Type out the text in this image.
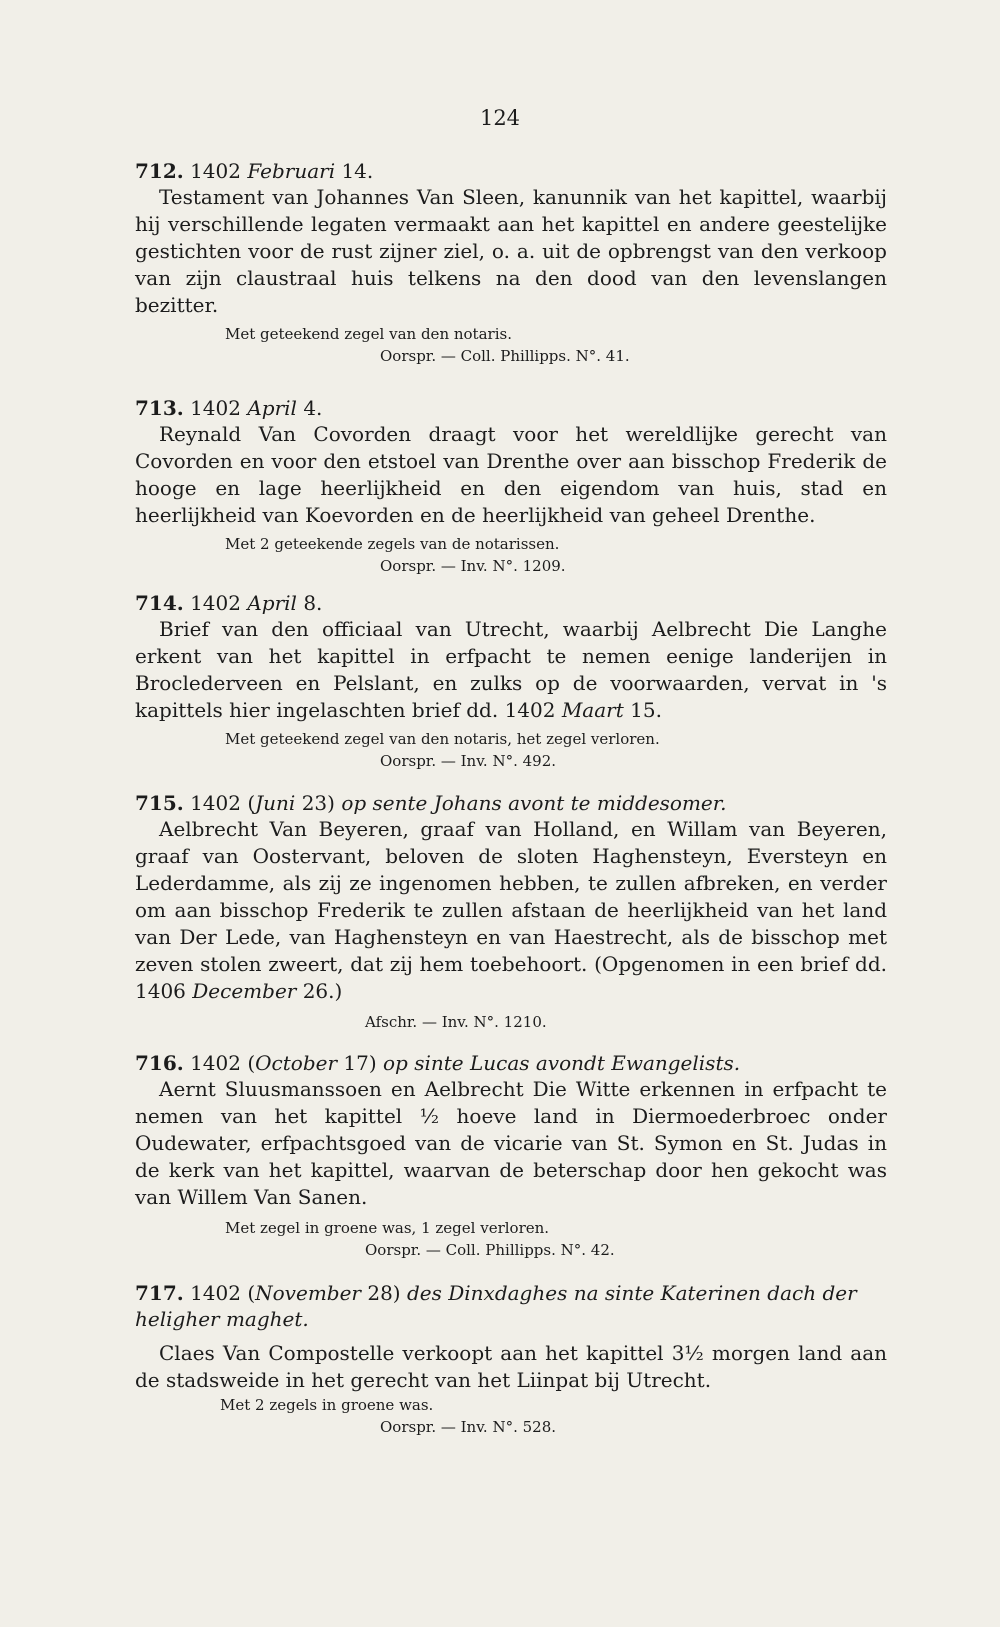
124
712. 1402 Februari 14.
Testament van Johannes Van Sleen, kanunnik van het kapittel, waarbij hij verschillende legaten vermaakt aan het kapittel en andere geestelijke gestichten voor de rust zijner ziel, o. a. uit de opbrengst van den verkoop van zijn claustraal huis telkens na den dood van den levenslangen bezitter.
Met geteekend zegel van den notaris.
Oorspr. — Coll. Phillipps. N°. 41.
713. 1402 April 4.
Reynald Van Covorden draagt voor het wereldlijke gerecht van Covorden en voor den etstoel van Drenthe over aan bisschop Frederik de hooge en lage heerlijkheid en den eigendom van huis, stad en heerlijkheid van Koevorden en de heerlijkheid van geheel Drenthe.
Met 2 geteekende zegels van de notarissen.
Oorspr. — Inv. N°. 1209.
714. 1402 April 8.
Brief van den officiaal van Utrecht, waarbij Aelbrecht Die Langhe erkent van het kapittel in erfpacht te nemen eenige landerijen in Broclederveen en Pelslant, en zulks op de voorwaarden, vervat in 's kapittels hier ingelaschten brief dd. 1402 Maart 15.
Met geteekend zegel van den notaris, het zegel verloren.
Oorspr. — Inv. N°. 492.
715. 1402 (Juni 23) op sente Johans avont te middesomer.
Aelbrecht Van Beyeren, graaf van Holland, en Willam van Beyeren, graaf van Oostervant, beloven de sloten Haghensteyn, Eversteyn en Lederdamme, als zij ze ingenomen hebben, te zullen afbreken, en verder om aan bisschop Frederik te zullen afstaan de heerlijkheid van het land van Der Lede, van Haghensteyn en van Haestrecht, als de bisschop met zeven stolen zweert, dat zij hem toebehoort. (Opgenomen in een brief dd. 1406 December 26.)
Afschr. — Inv. N°. 1210.
716. 1402 (October 17) op sinte Lucas avondt Ewangelists.
Aernt Sluusmanssoen en Aelbrecht Die Witte erkennen in erfpacht te nemen van het kapittel ½ hoeve land in Diermoederbroec onder Oudewater, erfpachtsgoed van de vicarie van St. Symon en St. Judas in de kerk van het kapittel, waarvan de beterschap door hen gekocht was van Willem Van Sanen.
Met zegel in groene was, 1 zegel verloren.
Oorspr. — Coll. Phillipps. N°. 42.
717. 1402 (November 28) des Dinxdaghes na sinte Katerinen dach der
heligher maghet.
Claes Van Compostelle verkoopt aan het kapittel 3½ morgen land aan de stadsweide in het gerecht van het Liinpat bij Utrecht.
Met 2 zegels in groene was.
Oorspr. — Inv. N°. 528.
